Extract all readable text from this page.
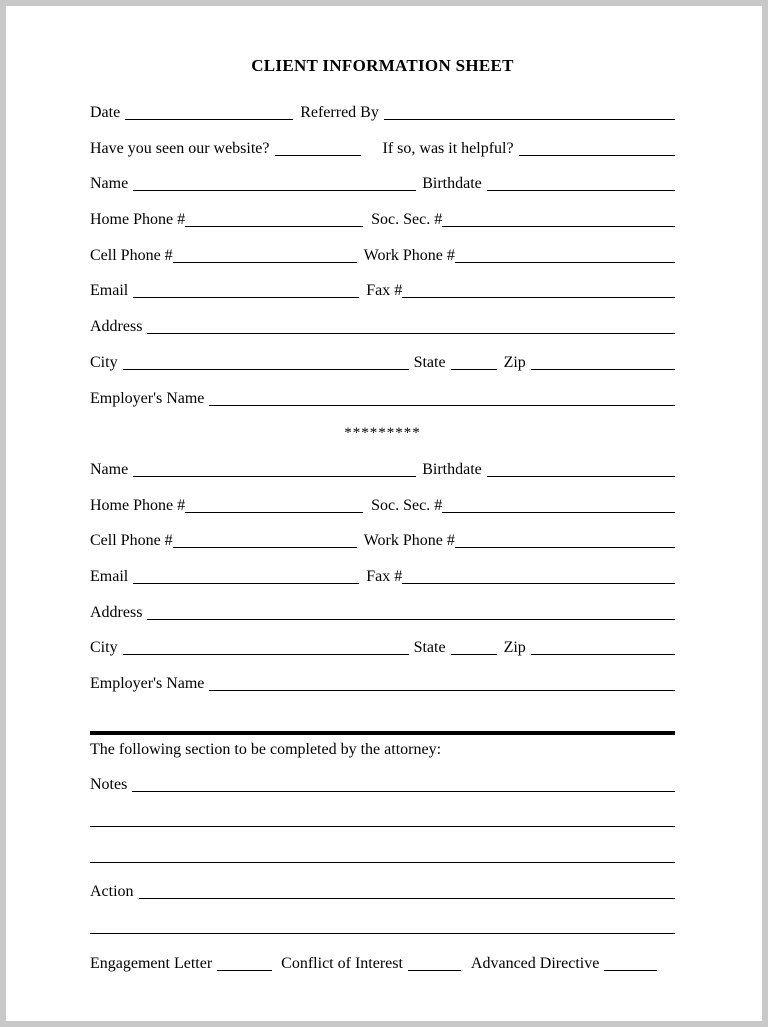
CLIENT INFORMATION SHEET
Date	Referred By
Have you seen our website?	If so, was it helpful?
Name	Birthdate
Home Phone #	Soc. Sec. #
Cell Phone #	Work Phone #
Email	Fax #
Address
City	State	Zip
Employer's Name
*********
Name	Birthdate
Home Phone #	Soc. Sec. #
Cell Phone #	Work Phone #
Email	Fax #
Address
City	State	Zip
Employer's Name
The following section to be completed by the attorney:
Notes
Action
Engagement Letter	Conflict of Interest	Advanced Directive
